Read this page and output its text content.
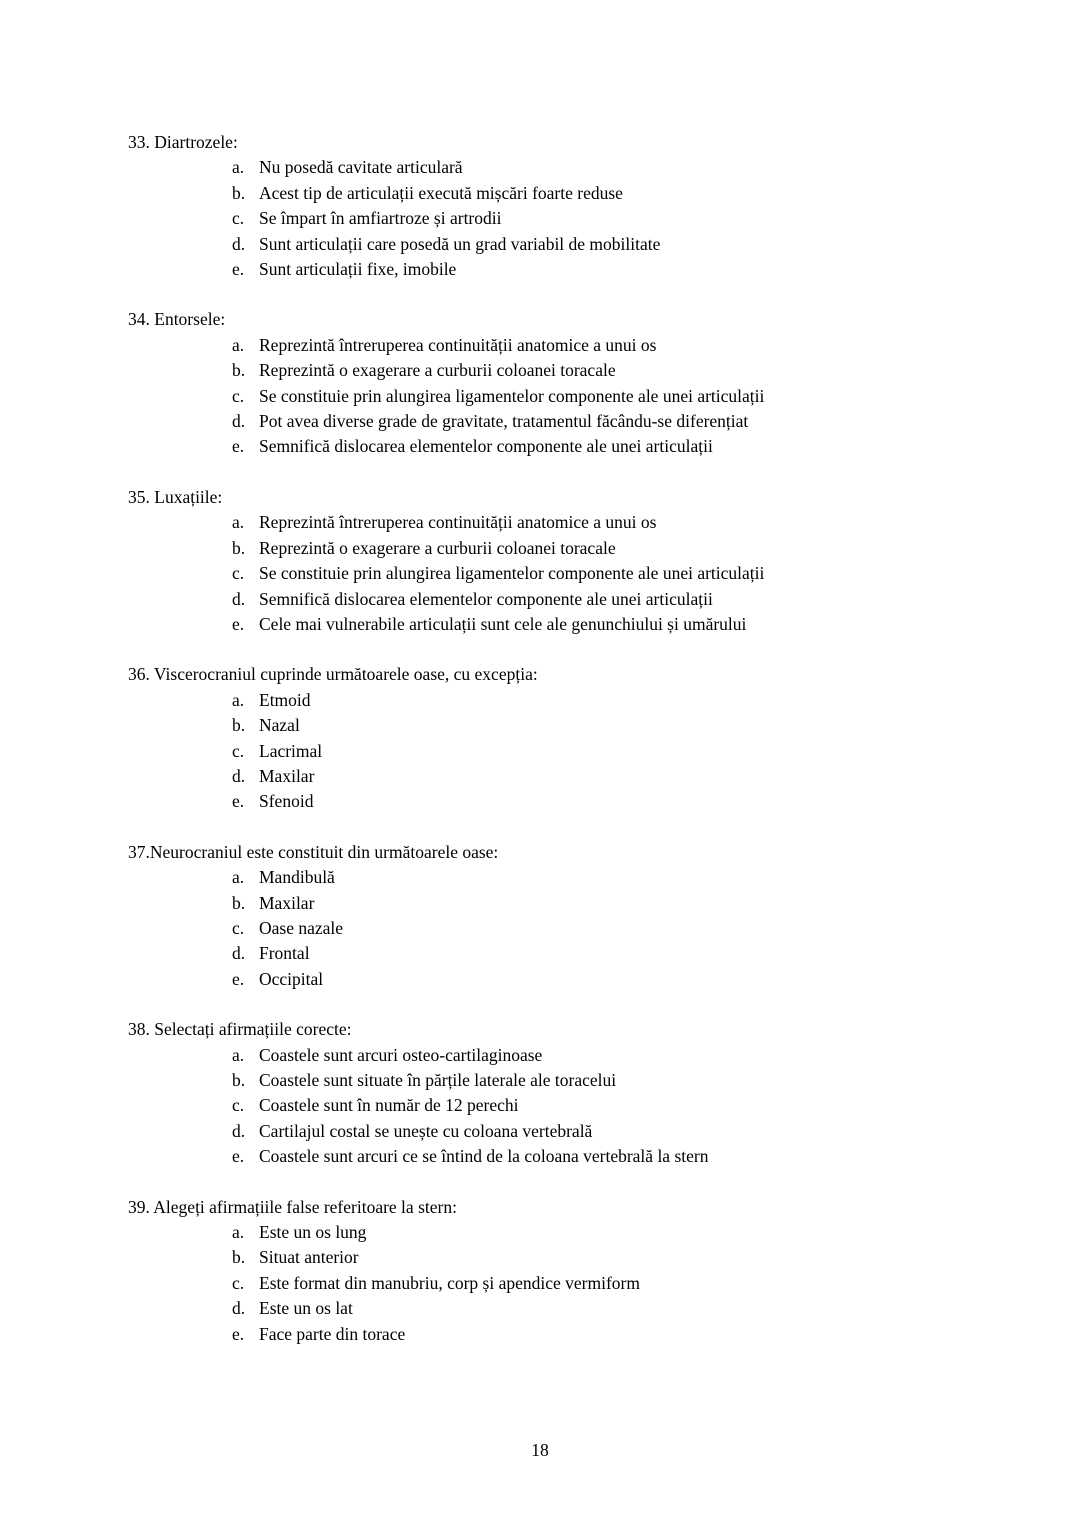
33. Diartrozele:
a. Nu posedă cavitate articulară
b. Acest tip de articulații execută mișcări foarte reduse
c. Se împart în amfiartroze și artrodii
d. Sunt articulații care posedă un grad variabil de mobilitate
e. Sunt articulații fixe, imobile
34. Entorsele:
a. Reprezintă întreruperea continuității anatomice a unui os
b. Reprezintă o exagerare a curburii coloanei toracale
c. Se constituie prin alungirea ligamentelor componente ale unei articulații
d. Pot avea diverse grade de gravitate, tratamentul făcându-se diferențiat
e. Semnifică dislocarea elementelor componente ale unei articulații
35. Luxațiile:
a. Reprezintă întreruperea continuității anatomice a unui os
b. Reprezintă o exagerare a curburii coloanei toracale
c. Se constituie prin alungirea ligamentelor componente ale unei articulații
d. Semnifică dislocarea elementelor componente ale unei articulații
e. Cele mai vulnerabile articulații sunt cele ale genunchiului și umărului
36. Viscerocraniul cuprinde următoarele oase, cu excepția:
a. Etmoid
b. Nazal
c. Lacrimal
d. Maxilar
e. Sfenoid
37.Neurocraniul este constituit din următoarele oase:
a. Mandibulă
b. Maxilar
c. Oase nazale
d. Frontal
e. Occipital
38. Selectați afirmațiile corecte:
a. Coastele sunt arcuri osteo-cartilaginoase
b. Coastele sunt situate în părțile laterale ale toracelui
c. Coastele sunt în număr de 12 perechi
d. Cartilajul costal se unește cu coloana vertebrală
e. Coastele sunt arcuri ce se întind de la coloana vertebrală la stern
39. Alegeți afirmațiile false referitoare la stern:
a. Este un os lung
b. Situat anterior
c. Este format din manubriu, corp și apendice vermiform
d. Este un os lat
e. Face parte din torace
18
